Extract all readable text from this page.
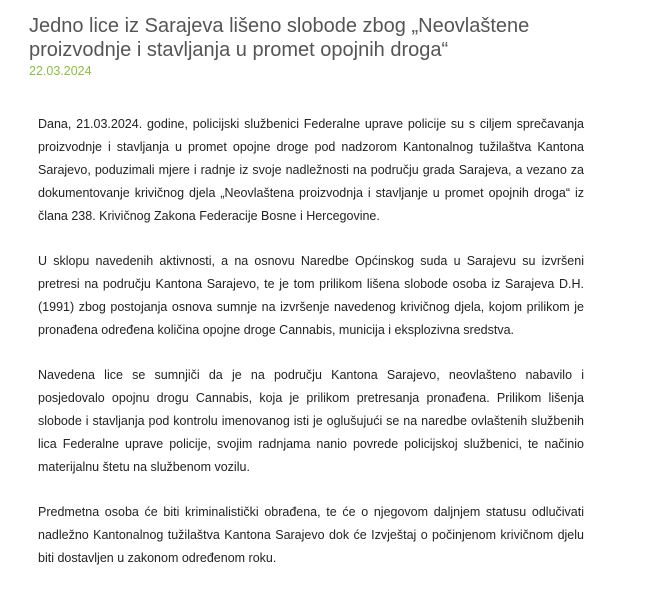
Jedno lice iz Sarajeva lišeno slobode zbog „Neovlaštene proizvodnje i stavljanja u promet opojnih droga“
22.03.2024

Dana, 21.03.2024. godine, policijski službenici Federalne uprave policije su s ciljem sprečavanja proizvodnje i stavljanja u promet opojne droge pod nadzorom Kantonalnog tužilaštva Kantona Sarajevo, poduzimali mjere i radnje iz svoje nadležnosti na području grada Sarajeva, a vezano za dokumentovanje krivičnog djela „Neovlaštena proizvodnja i stavljanje u promet opojnih droga“ iz člana 238. Krivičnog Zakona Federacije Bosne i Hercegovine.

U sklopu navedenih aktivnosti, a na osnovu Naredbe Općinskog suda u Sarajevu su izvršeni pretresi na području Kantona Sarajevo, te je tom prilikom lišena slobode osoba iz Sarajeva D.H. (1991) zbog postojanja osnova sumnje na izvršenje navedenog krivičnog djela, kojom prilikom je pronađena određena količina opojne droge Cannabis, municija i eksplozivna sredstva.

Navedena lice se sumnjiči da je na području Kantona Sarajevo, neovlašteno nabavilo i posjedovalo opojnu drogu Cannabis, koja je prilikom pretresanja pronađena. Prilikom lišenja slobode i stavljanja pod kontrolu imenovanog isti je oglušujući se na naredbe ovlaštenih službenih lica Federalne uprave policije, svojim radnjama nanio povrede policijskoj službenici, te načinio materijalnu štetu na službenom vozilu.

Predmetna osoba će biti kriminalistički obrađena, te će o njegovom daljnjem statusu odlučivati nadležno Kantonalnog tužilaštva Kantona Sarajevo dok će Izvještaj o počinjenom krivičnom djelu biti dostavljen u zakonom određenom roku.
